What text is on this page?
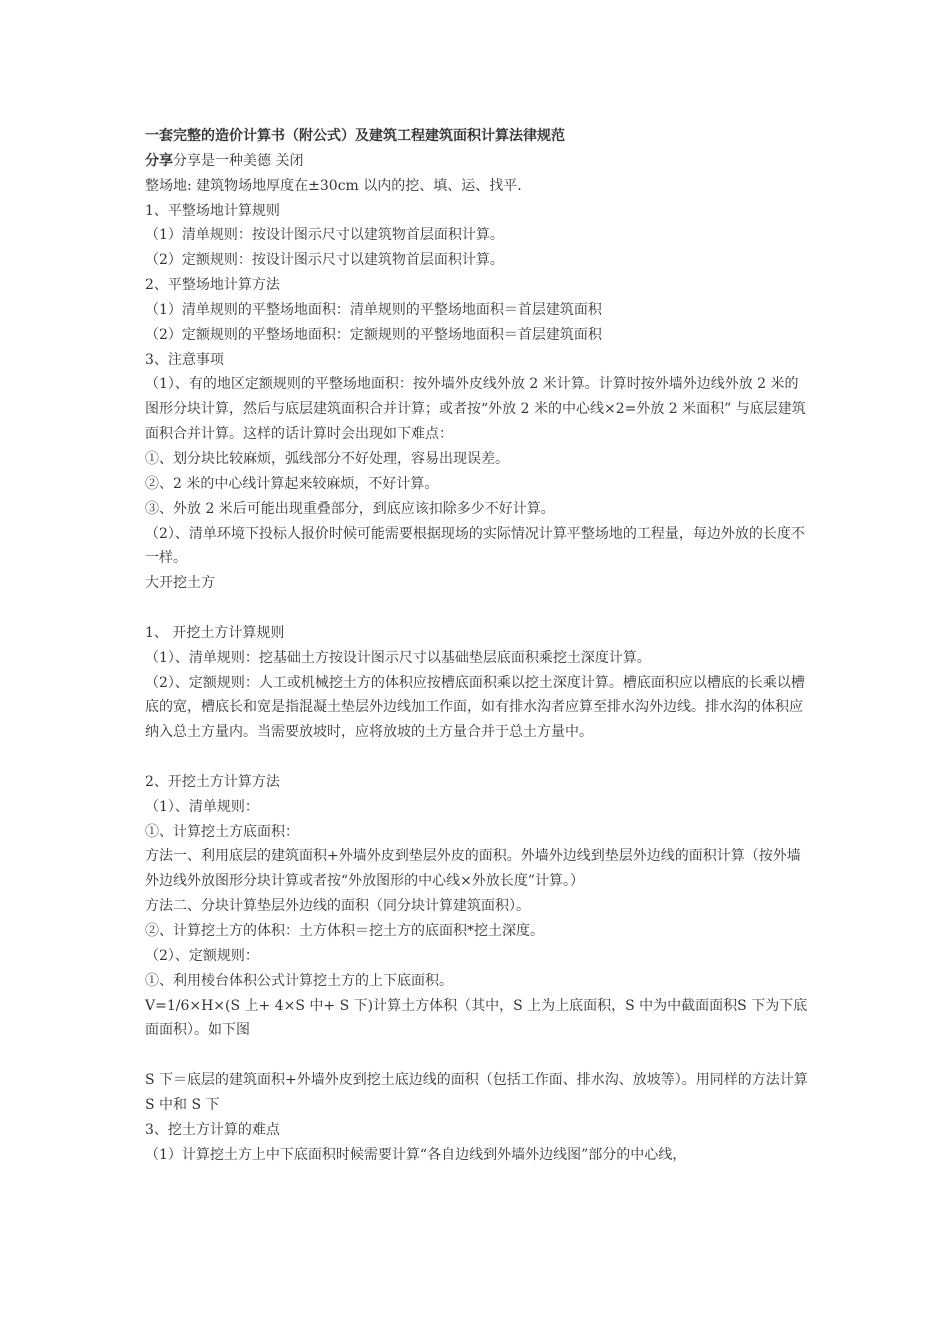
一套完整的造价计算书（附公式）及建筑工程建筑面积计算法律规范

分享分享是一种美德 关闭

整场地: 建筑物场地厚度在±30cm 以内的挖、填、运、找平.

1、平整场地计算规则

（1）清单规则：按设计图示尺寸以建筑物首层面积计算。

（2）定额规则：按设计图示尺寸以建筑物首层面积计算。

2、平整场地计算方法

（1）清单规则的平整场地面积：清单规则的平整场地面积＝首层建筑面积

（2）定额规则的平整场地面积：定额规则的平整场地面积＝首层建筑面积

3、注意事项

（1）、有的地区定额规则的平整场地面积：按外墙外皮线外放 2 米计算。计算时按外墙外边线外放 2 米的图形分块计算，然后与底层建筑面积合并计算；或者按“外放 2 米的中心线×2=外放 2 米面积” 与底层建筑面积合并计算。这样的话计算时会出现如下难点：

①、划分块比较麻烦，弧线部分不好处理，容易出现误差。

②、2 米的中心线计算起来较麻烦，不好计算。

③、外放 2 米后可能出现重叠部分，到底应该扣除多少不好计算。

（2）、清单环境下投标人报价时候可能需要根据现场的实际情况计算平整场地的工程量，每边外放的长度不一样。

大开挖土方

1、 开挖土方计算规则

（1）、清单规则：挖基础土方按设计图示尺寸以基础垫层底面积乘挖土深度计算。

（2）、定额规则：人工或机械挖土方的体积应按槽底面积乘以挖土深度计算。槽底面积应以槽底的长乘以槽底的宽，槽底长和宽是指混凝土垫层外边线加工作面，如有排水沟者应算至排水沟外边线。排水沟的体积应纳入总土方量内。当需要放坡时，应将放坡的土方量合并于总土方量中。

2、开挖土方计算方法

（1）、清单规则：

①、计算挖土方底面积：

方法一、利用底层的建筑面积+外墙外皮到垫层外皮的面积。外墙外边线到垫层外边线的面积计算（按外墙外边线外放图形分块计算或者按“外放图形的中心线×外放长度”计算。）

方法二、分块计算垫层外边线的面积（同分块计算建筑面积）。

②、计算挖土方的体积：土方体积＝挖土方的底面积*挖土深度。

（2）、定额规则：

①、利用棱台体积公式计算挖土方的上下底面积。

V=1/6×H×(S 上+ 4×S 中+ S 下)计算土方体积（其中，S 上为上底面积，S 中为中截面面积S 下为下底面面积）。如下图

S 下＝底层的建筑面积+外墙外皮到挖土底边线的面积（包括工作面、排水沟、放坡等）。用同样的方法计算 S 中和 S 下

3、挖土方计算的难点

（1）计算挖土方上中下底面积时候需要计算“各自边线到外墙外边线图”部分的中心线，
